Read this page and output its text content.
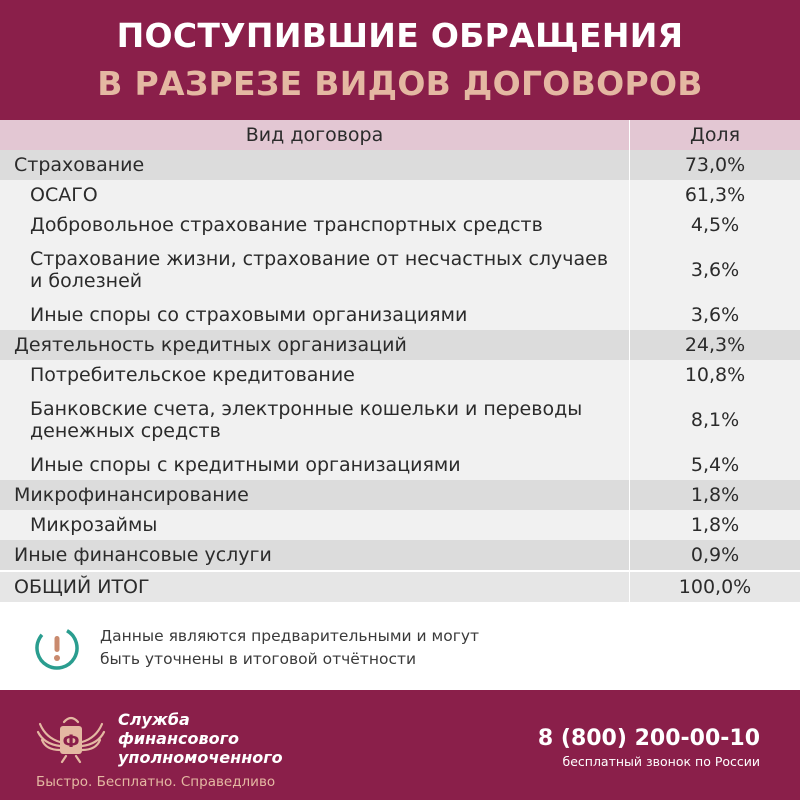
ПОСТУПИВШИЕ ОБРАЩЕНИЯ
В РАЗРЕЗЕ ВИДОВ ДОГОВОРОВ
Вид договора	Доля
Страхование	73,0%
ОСАГО	61,3%
Добровольное страхование транспортных средств	4,5%
Страхование жизни, страхование от несчастных случаев
и болезней	3,6%
Иные споры со страховыми организациями	3,6%
Деятельность кредитных организаций	24,3%
Потребительское кредитование	10,8%
Банковские счета, электронные кошельки и переводы
денежных средств	8,1%
Иные споры с кредитными организациями	5,4%
Микрофинансирование	1,8%
Микрозаймы	1,8%
Иные финансовые услуги	0,9%
ОБЩИЙ ИТОГ	100,0%
Данные являются предварительными и могут
быть уточнены в итоговой отчётности
Ф
Служба
финансового
уполномоченного
Быстро. Бесплатно. Справедливо
8 (800) 200-00-10
бесплатный звонок по России
